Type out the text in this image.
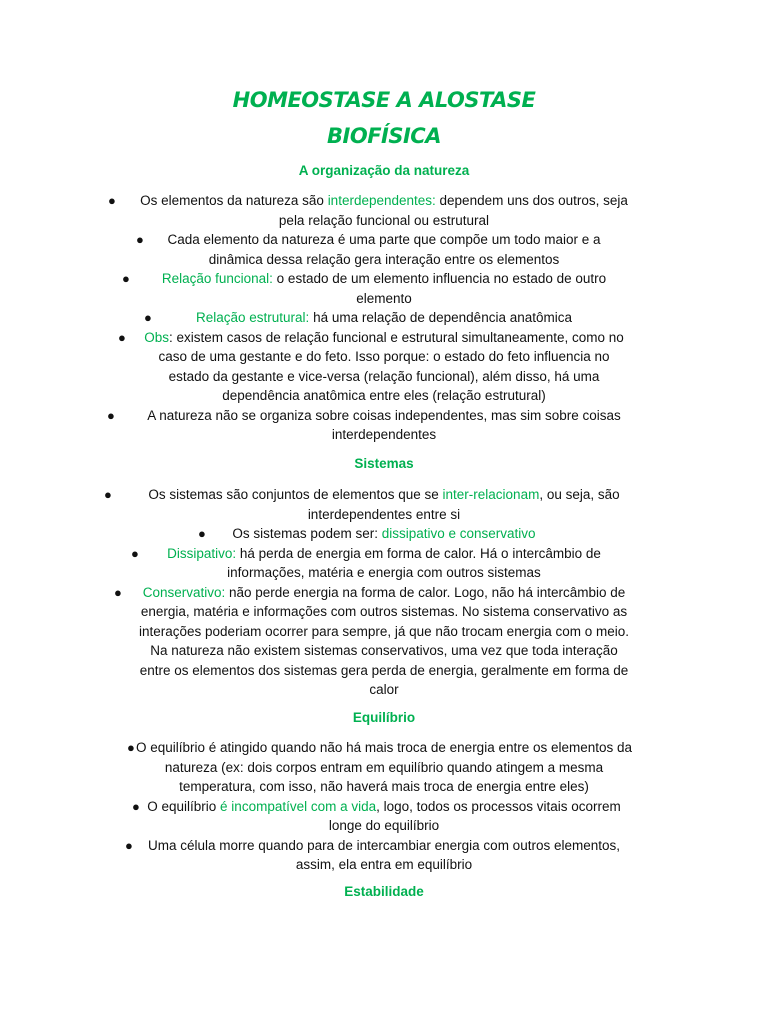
HOMEOSTASE A ALOSTASE
BIOFÍSICA
A organização da natureza
● Os elementos da natureza são interdependentes: dependem uns dos outros, seja pela relação funcional ou estrutural
● Cada elemento da natureza é uma parte que compõe um todo maior e a dinâmica dessa relação gera interação entre os elementos
● Relação funcional: o estado de um elemento influencia no estado de outro elemento
●	Relação estrutural: há uma relação de dependência anatômica
● Obs: existem casos de relação funcional e estrutural simultaneamente, como no caso de uma gestante e do feto. Isso porque: o estado do feto influencia no estado da gestante e vice-versa (relação funcional), além disso, há uma dependência anatômica entre eles (relação estrutural)
● A natureza não se organiza sobre coisas independentes, mas sim sobre coisas interdependentes
Sistemas
●	Os sistemas são conjuntos de elementos que se inter-relacionam, ou seja, são interdependentes entre si
● Os sistemas podem ser: dissipativo e conservativo
● Dissipativo: há perda de energia em forma de calor. Há o intercâmbio de informações, matéria e energia com outros sistemas
● Conservativo: não perde energia na forma de calor. Logo, não há intercâmbio de energia, matéria e informações com outros sistemas. No sistema conservativo as interações poderiam ocorrer para sempre, já que não trocam energia com o meio. Na natureza não existem sistemas conservativos, uma vez que toda interação entre os elementos dos sistemas gera perda de energia, geralmente em forma de calor
Equilíbrio
● O equilíbrio é atingido quando não há mais troca de energia entre os elementos da natureza (ex: dois corpos entram em equilíbrio quando atingem a mesma temperatura, com isso, não haverá mais troca de energia entre eles)
● O equilíbrio é incompatível com a vida, logo, todos os processos vitais ocorrem longe do equilíbrio
● Uma célula morre quando para de intercambiar energia com outros elementos, assim, ela entra em equilíbrio
Estabilidade
